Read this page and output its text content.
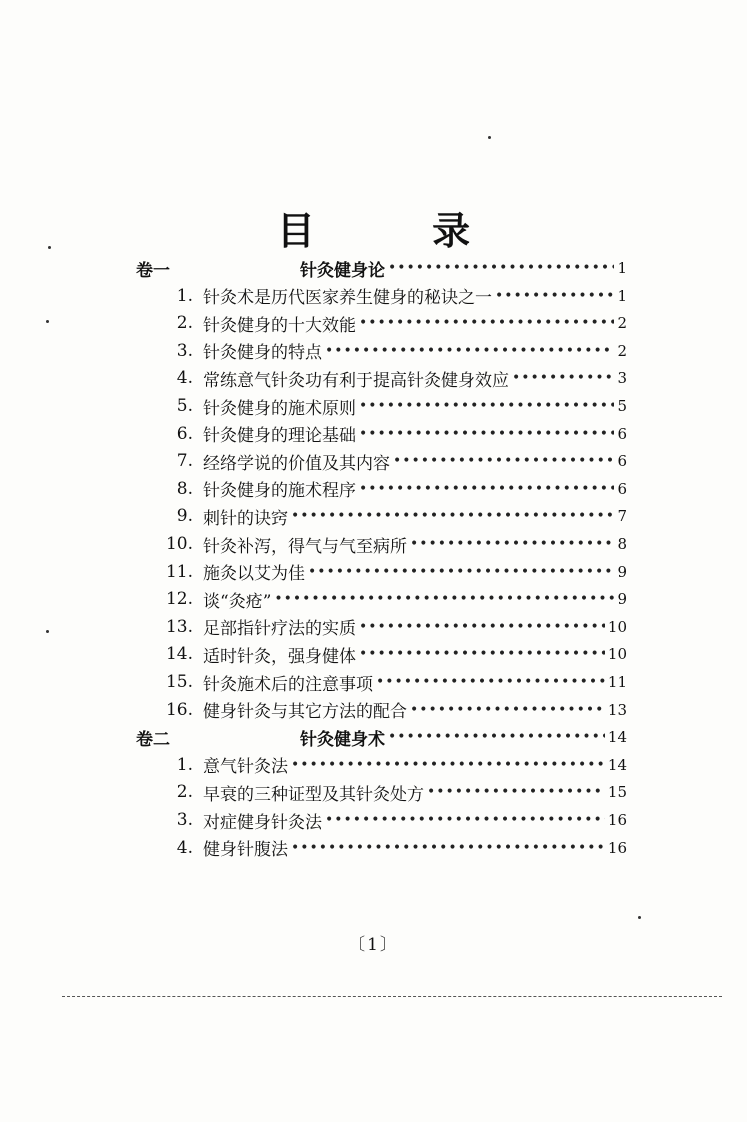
目 录
卷一	针灸健身论 •••••	1
1. 针灸术是历代医家养生健身的秘诀之一 •••••	1
2. 针灸健身的十大效能 •••••	2
3. 针灸健身的特点 •••••	2
4. 常练意气针灸功有利于提高针灸健身效应 •••••	3
5. 针灸健身的施术原则 •••••	5
6. 针灸健身的理论基础 •••••	6
7. 经络学说的价值及其内容 •••••	6
8. 针灸健身的施术程序 •••••	6
9. 刺针的诀窍 •••••	7
10. 针灸补泻，得气与气至病所 •••••	8
11. 施灸以艾为佳 •••••	9
12. 谈“灸疮” •••••	9
13. 足部指针疗法的实质 •••••	10
14. 适时针灸，强身健体 •••••	10
15. 针灸施术后的注意事项 •••••	11
16. 健身针灸与其它方法的配合 •••••	13
卷二	针灸健身术 •••••	14
1. 意气针灸法 •••••	14
2. 早衰的三种证型及其针灸处方 •••••	15
3. 对症健身针灸法 •••••	16
4. 健身针腹法 •••••	16
〔1〕
